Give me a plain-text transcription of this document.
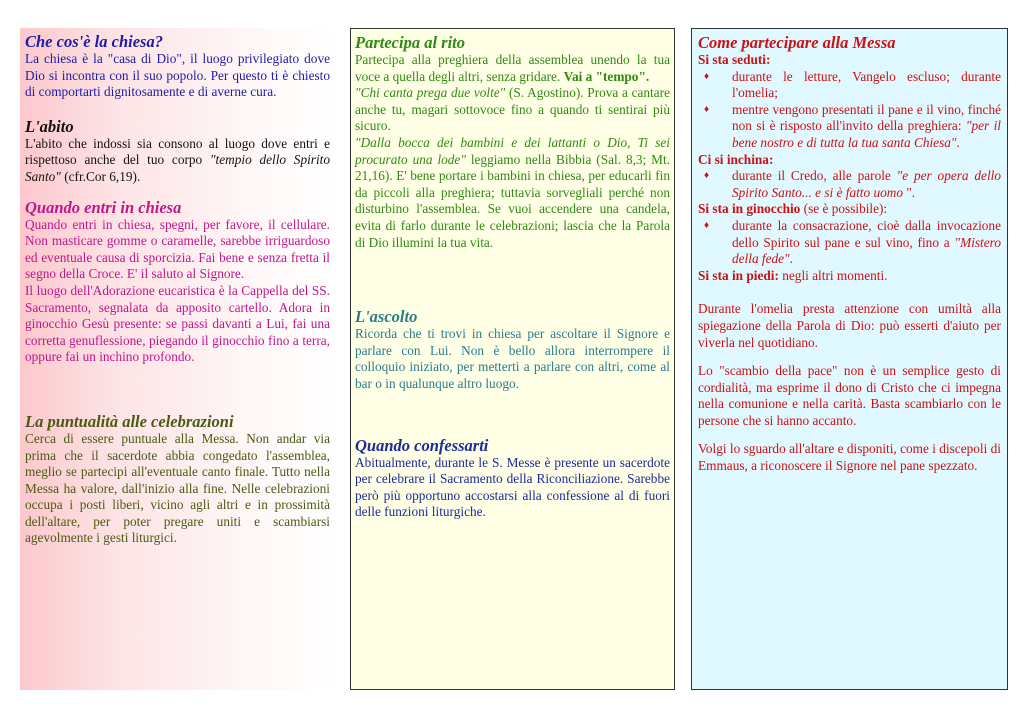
Che cos'è la chiesa?

La chiesa è la "casa di Dio", il luogo privilegiato dove Dio si incontra con il suo popolo. Per questo ti è chiesto di comportarti dignitosamente e di averne cura.

L'abito

L'abito che indossi sia consono al luogo dove entri e rispettoso anche del tuo corpo "tempio dello Spirito Santo" (cfr.Cor 6,19).

Quando entri in chiesa

Quando entri in chiesa, spegni, per favore, il cellulare. Non masticare gomme o caramelle, sarebbe irriguardoso ed eventuale causa di sporcizia. Fai bene e senza fretta il segno della Croce. E' il saluto al Signore.

Il luogo dell'Adorazione eucaristica è la Cappella del SS. Sacramento, segnalata da apposito cartello. Adora in ginocchio Gesù presente: se passi davanti a Lui, fai una corretta genuflessione, piegando il ginocchio fino a terra, oppure fai un inchino profondo.

La puntualità alle celebrazioni

Cerca di essere puntuale alla Messa. Non andar via prima che il sacerdote abbia congedato l'assemblea, meglio se partecipi all'eventuale canto finale. Tutto nella Messa ha valore, dall'inizio alla fine. Nelle celebrazioni occupa i posti liberi, vicino agli altri e in prossimità dell'altare, per poter pregare uniti e scambiarsi agevolmente i gesti liturgici.

Partecipa al rito

Partecipa alla preghiera della assemblea unendo la tua voce a quella degli altri, senza gridare. Vai a "tempo".

"Chi canta prega due volte" (S. Agostino). Prova a cantare anche tu, magari sottovoce fino a quando ti sentirai più sicuro.

"Dalla bocca dei bambini e dei lattanti o Dio, Ti sei procurato una lode" leggiamo nella Bibbia (Sal. 8,3; Mt. 21,16). E' bene portare i bambini in chiesa, per educarli fin da piccoli alla preghiera; tuttavia sorvegliali perché non disturbino l'assemblea. Se vuoi accendere una candela, evita di farlo durante le celebrazioni; lascia che la Parola di Dio illumini la tua vita.

L'ascolto

Ricorda che ti trovi in chiesa per ascoltare il Signore e parlare con Lui. Non è bello allora interrompere il colloquio iniziato, per metterti a parlare con altri, come al bar o in qualunque altro luogo.

Quando confessarti

Abitualmente, durante le S. Messe è presente un sacerdote per celebrare il Sacramento della Riconciliazione. Sarebbe però più opportuno accostarsi alla confessione al di fuori delle funzioni liturgiche.

Come partecipare alla Messa

Si sta seduti:

♦ durante le letture, Vangelo escluso; durante l'omelia;
♦ mentre vengono presentati il pane e il vino, finché non si è risposto all'invito della preghiera: "per il bene nostro e di tutta la tua santa Chiesa".

Ci si inchina:

♦ durante il Credo, alle parole "e per opera dello Spirito Santo... e si è fatto uomo ".

Si sta in ginocchio (se è possibile):

♦ durante la consacrazione, cioè dalla invocazione dello Spirito sul pane e sul vino, fino a "Mistero della fede".

Si sta in piedi: negli altri momenti.

Durante l'omelia presta attenzione con umiltà alla spiegazione della Parola di Dio: può esserti d'aiuto per viverla nel quotidiano.

Lo "scambio della pace" non è un semplice gesto di cordialità, ma esprime il dono di Cristo che ci impegna nella comunione e nella carità. Basta scambiarlo con le persone che si hanno accanto.

Volgi lo sguardo all'altare e disponiti, come i discepoli di Emmaus, a riconoscere il Signore nel pane spezzato.
